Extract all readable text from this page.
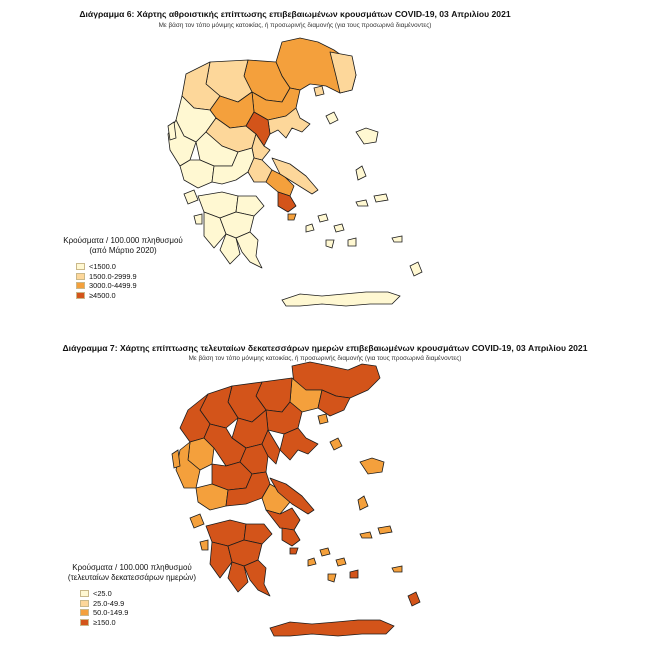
Διάγραμμα 6: Χάρτης αθροιστικής επίπτωσης επιβεβαιωμένων κρουσμάτων COVID-19, 03 Απριλίου 2021
Με βάση τον τόπο μόνιμης κατοικίας, ή προσωρινής διαμονής (για τους προσωρινά διαμένοντες)
Κρούσματα / 100.000 πληθυσμού
(από Μάρτιο 2020)
<1500.0
1500.0-2999.9
3000.0-4499.9
≥4500.0
Διάγραμμα 7: Χάρτης επίπτωσης τελευταίων δεκατεσσάρων ημερών επιβεβαιωμένων κρουσμάτων COVID-19, 03 Απριλίου 2021
Με βάση τον τόπο μόνιμης κατοικίας, ή προσωρινής διαμονής (για τους προσωρινά διαμένοντες)
Κρούσματα / 100.000 πληθυσμού
(τελευταίων δεκατεσσάρων ημερών)
<25.0
25.0-49.9
50.0-149.9
≥150.0
